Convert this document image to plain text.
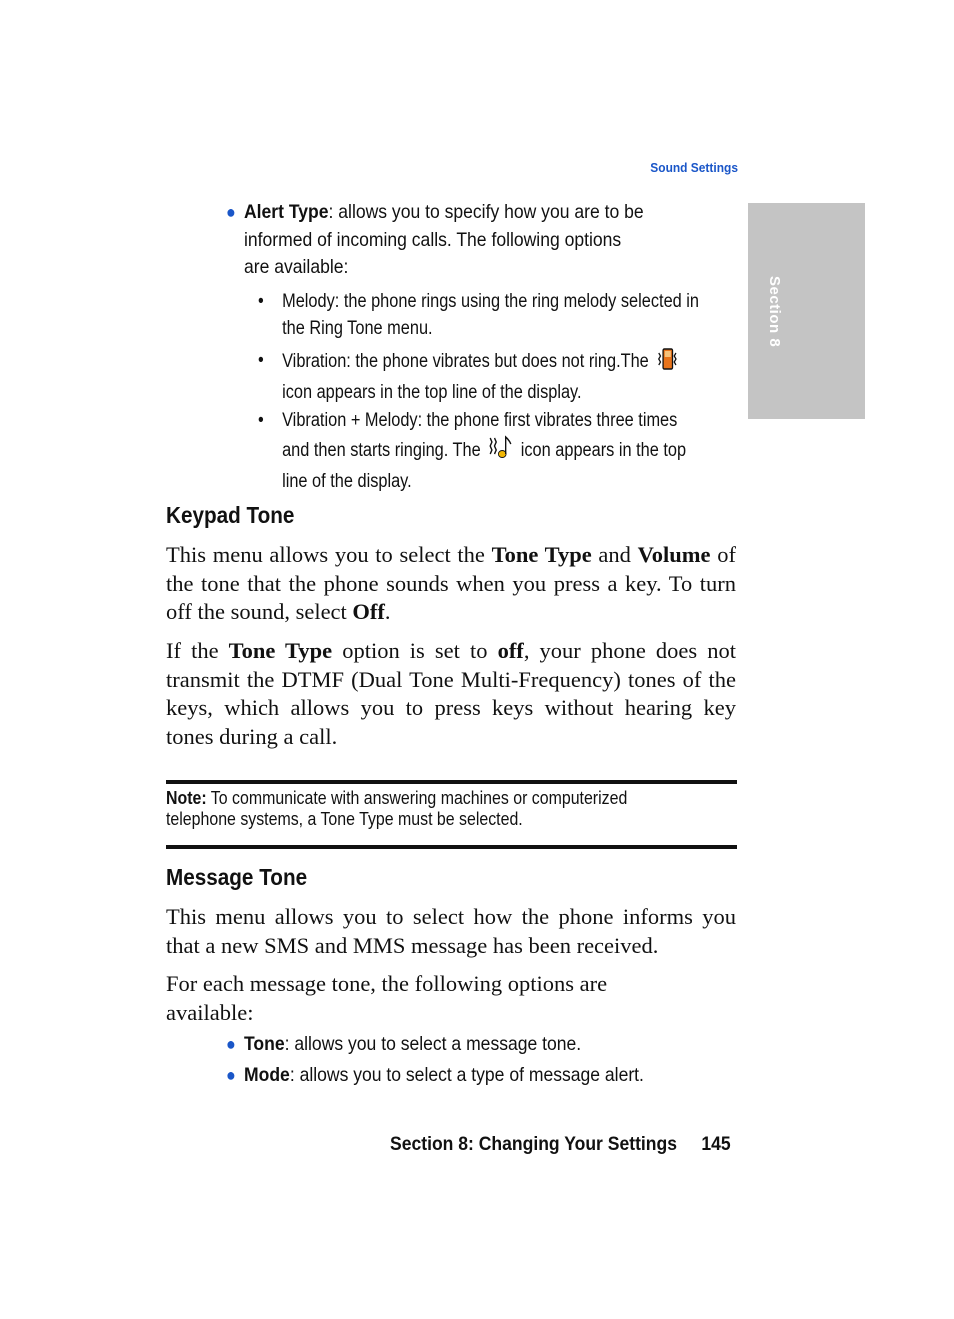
Sound Settings
Section 8
● Alert Type: allows you to specify how you are to be informed of incoming calls. The following options are available:
• Melody: the phone rings using the ring melody selected in the Ring Tone menu.
• Vibration: the phone vibrates but does not ring.The  icon appears in the top line of the display.
• Vibration + Melody: the phone first vibrates three times and then starts ringing. The  icon appears in the top line of the display.
Keypad Tone

This menu allows you to select the Tone Type and Volume of the tone that the phone sounds when you press a key. To turn off the sound, select Off.

If the Tone Type option is set to off, your phone does not transmit the DTMF (Dual Tone Multi-Frequency) tones of the keys, which allows you to press keys without hearing key tones during a call.

Note: To communicate with answering machines or computerized telephone systems, a Tone Type must be selected.
Message Tone

This menu allows you to select how the phone informs you that a new SMS and MMS message has been received.

For each message tone, the following options are available:

● Tone: allows you to select a message tone.
● Mode: allows you to select a type of message alert.
Section 8: Changing Your Settings 145
